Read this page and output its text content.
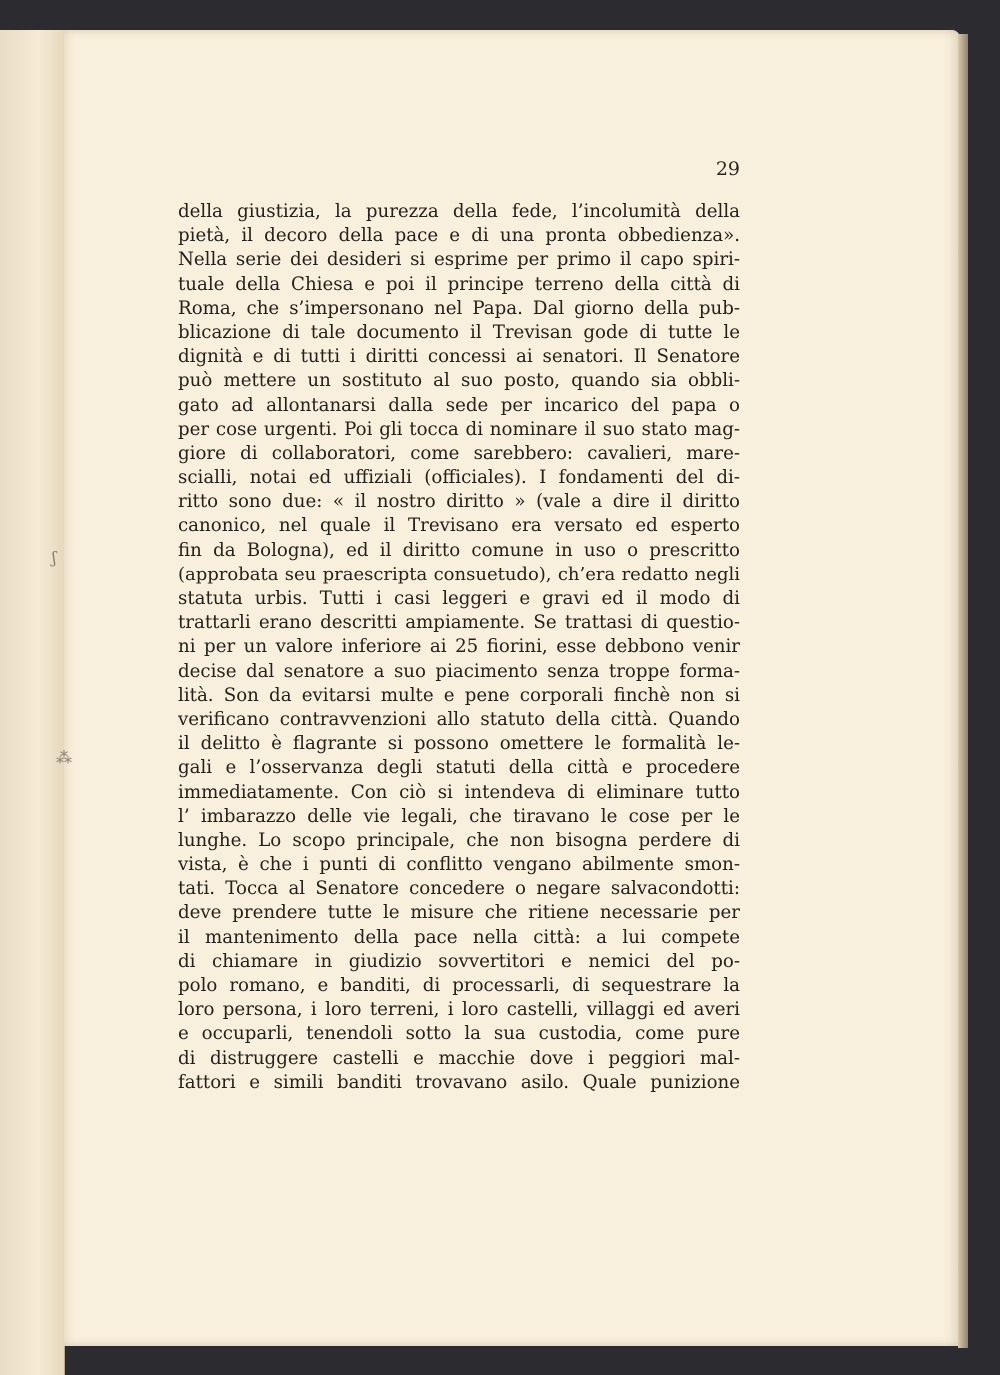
ʃ
⁂
29
della giustizia, la purezza della fede, l’incolumità della
pietà, il decoro della pace e di una pronta obbedienza».
Nella serie dei desideri si esprime per primo il capo spiri-
tuale della Chiesa e poi il principe terreno della città di
Roma, che s’impersonano nel Papa. Dal giorno della pub-
blicazione di tale documento il Trevisan gode di tutte le
dignità e di tutti i diritti concessi ai senatori. Il Senatore
può mettere un sostituto al suo posto, quando sia obbli-
gato ad allontanarsi dalla sede per incarico del papa o
per cose urgenti. Poi gli tocca di nominare il suo stato mag-
giore di collaboratori, come sarebbero: cavalieri, mare-
scialli, notai ed uffiziali (officiales). I fondamenti del di-
ritto sono due: « il nostro diritto » (vale a dire il diritto
canonico, nel quale il Trevisano era versato ed esperto
fin da Bologna), ed il diritto comune in uso o prescritto
(approbata seu praescripta consuetudo), ch’era redatto negli
statuta urbis. Tutti i casi leggeri e gravi ed il modo di
trattarli erano descritti ampiamente. Se trattasi di questio-
ni per un valore inferiore ai 25 fiorini, esse debbono venir
decise dal senatore a suo piacimento senza troppe forma-
lità. Son da evitarsi multe e pene corporali finchè non si
verificano contravvenzioni allo statuto della città. Quando
il delitto è flagrante si possono omettere le formalità le-
gali e l’osservanza degli statuti della città e procedere
immediatamente. Con ciò si intendeva di eliminare tutto
l’ imbarazzo delle vie legali, che tiravano le cose per le
lunghe. Lo scopo principale, che non bisogna perdere di
vista, è che i punti di conflitto vengano abilmente smon-
tati. Tocca al Senatore concedere o negare salvacondotti:
deve prendere tutte le misure che ritiene necessarie per
il mantenimento della pace nella città: a lui compete
di chiamare in giudizio sovvertitori e nemici del po-
polo romano, e banditi, di processarli, di sequestrare la
loro persona, i loro terreni, i loro castelli, villaggi ed averi
e occuparli, tenendoli sotto la sua custodia, come pure
di distruggere castelli e macchie dove i peggiori mal-
fattori e simili banditi trovavano asilo. Quale punizione
